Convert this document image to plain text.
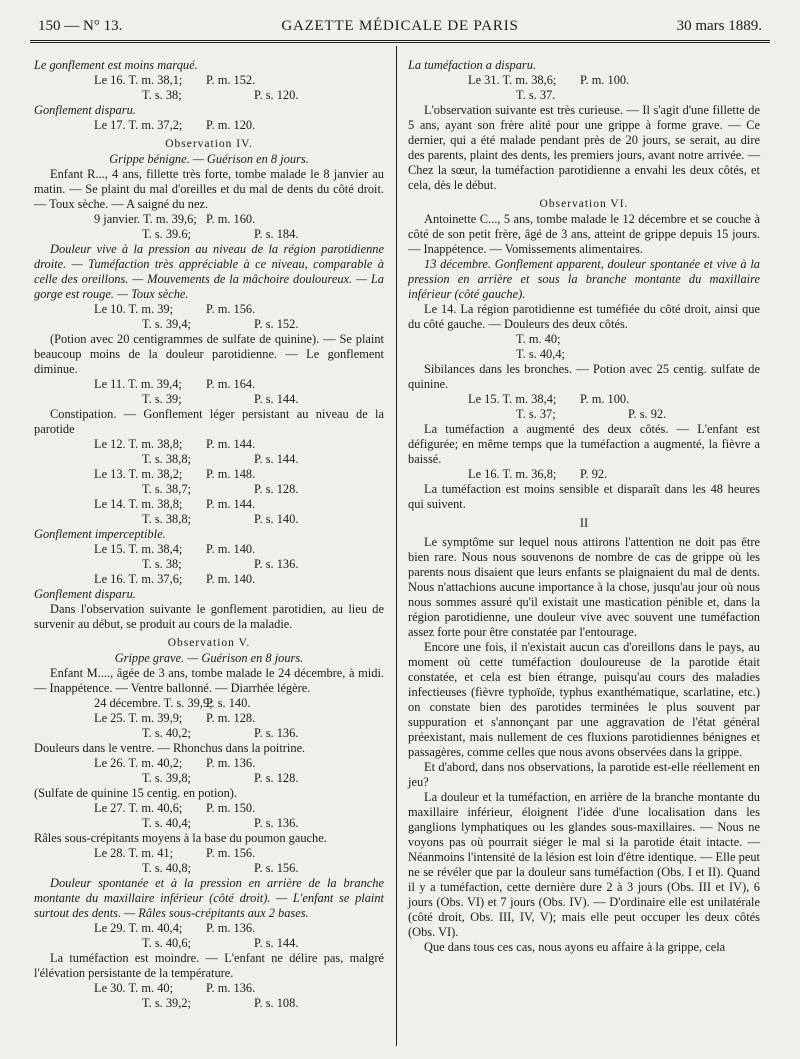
150 — N° 13.	GAZETTE MÉDICALE DE PARIS	30 mars 1889.

Le gonflement est moins marqué.

Le 16. T. m. 38,1; P. m. 152.
T. s. 38;	P. s. 120.

Gonflement disparu.

Le 17. T. m. 37,2; P. m. 120.

Observation IV.

Grippe bénigne. — Guérison en 8 jours.

Enfant R..., 4 ans, fillette très forte, tombe malade le 8 janvier au matin. — Se plaint du mal d'oreilles et du mal de dents du côté droit. — Toux sèche. — A saigné du nez.

9 janvier. T. m. 39,6; P. m. 160.
T. s. 39.6;	P. s. 184.

Douleur vive à la pression au niveau de la région parotidienne droite. — Tuméfaction très appréciable à ce niveau, comparable à celle des oreillons. — Mouvements de la mâchoire douloureux. — La gorge est rouge. — Toux sèche.

Le 10. T. m. 39;	P. m. 156.
T. s. 39,4;	P. s. 152.

(Potion avec 20 centigrammes de sulfate de quinine). — Se plaint beaucoup moins de la douleur parotidienne. — Le gonflement diminue.

Le 11. T. m. 39,4; P. m. 164.
T. s. 39;	P. s. 144.

Constipation. — Gonflement léger persistant au niveau de la parotide

Le 12. T. m. 38,8; P. m. 144.
T. s. 38,8;	P. s. 144.
Le 13. T. m. 38,2; P. m. 148.
T. s. 38,7;	P. s. 128.
Le 14. T. m. 38,8; P. m. 144.
T. s. 38,8;	P. s. 140.

Gonflement imperceptible.

Le 15. T. m. 38,4; P. m. 140.
T. s. 38;	P. s. 136.
Le 16. T. m. 37,6; P. m. 140.

Gonflement disparu.

Dans l'observation suivante le gonflement parotidien, au lieu de survenir au début, se produit au cours de la maladie.

Observation V.

Grippe grave. — Guérison en 8 jours.

Enfant M...., âgée de 3 ans, tombe malade le 24 décembre, à midi. — Inappétence. — Ventre ballonné. — Diarrhée légère.

24 décembre. T. s. 39,9;P. s. 140.
Le 25. T. m. 39,9; P. m. 128.
T. s. 40,2;	P. s. 136.

Douleurs dans le ventre. — Rhonchus dans la poitrine.

Le 26. T. m. 40,2; P. m. 136.
T. s. 39,8;	P. s. 128.

(Sulfate de quinine 15 centig. en potion).

Le 27. T. m. 40,6; P. m. 150.
T. s. 40,4;	P. s. 136.

Râles sous-crépitants moyens à la base du poumon gauche.

Le 28. T. m. 41;	P. m. 156.
T. s. 40,8;	P. s. 156.

Douleur spontanée et à la pression en arrière de la branche montante du maxillaire inférieur (côté droit). — L'enfant se plaint surtout des dents. — Râles sous-crépitants aux 2 bases.

Le 29. T. m. 40,4; P. m. 136.
T. s. 40,6;	P. s. 144.

La tuméfaction est moindre. — L'enfant ne délire pas, malgré l'élévation persistante de la température.

Le 30. T. m. 40;	P. m. 136.
T. s. 39,2;	P. s. 108.

La tuméfaction a disparu.

Le 31. T. m. 38,6; P. m. 100.
T. s. 37.

L'observation suivante est très curieuse. — Il s'agit d'une fillette de 5 ans, ayant son frère alité pour une grippe à forme grave. — Ce dernier, qui a été malade pendant près de 20 jours, se serait, au dire des parents, plaint des dents, les premiers jours, avant notre arrivée. — Chez la sœur, la tuméfaction parotidienne a envahi les deux côtés, et cela, dès le début.

Observation VI.

Antoinette C..., 5 ans, tombe malade le 12 décembre et se couche à côté de son petit frère, âgé de 3 ans, atteint de grippe depuis 15 jours. — Inappétence. — Vomissements alimentaires.

13 décembre. Gonflement apparent, douleur spontanée et vive à la pression en arrière et sous la branche montante du maxillaire inférieur (côté gauche).

Le 14. La région parotidienne est tuméfiée du côté droit, ainsi que du côté gauche. — Douleurs des deux côtés.

T. m. 40;
T. s. 40,4;

Sibilances dans les bronches. — Potion avec 25 centig. sulfate de quinine.

Le 15. T. m. 38,4; P. m. 100.
T. s. 37;	P. s. 92.

La tuméfaction a augmenté des deux côtés. — L'enfant est défigurée; en même temps que la tuméfaction a augmenté, la fièvre a baissé.

Le 16. T. m. 36,8; P. 92.

La tuméfaction est moins sensible et disparaît dans les 48 heures qui suivent.

II

Le symptôme sur lequel nous attirons l'attention ne doit pas être bien rare. Nous nous souvenons de nombre de cas de grippe où les parents nous disaient que leurs enfants se plaignaient du mal de dents. Nous n'attachions aucune importance à la chose, jusqu'au jour où nous nous sommes assuré qu'il existait une mastication pénible et, dans la région parotidienne, une douleur vive avec souvent une tuméfaction assez forte pour être constatée par l'entourage.

Encore une fois, il n'existait aucun cas d'oreillons dans le pays, au moment où cette tuméfaction douloureuse de la parotide était constatée, et cela est bien étrange, puisqu'au cours des maladies infectieuses (fièvre typhoïde, typhus exanthématique, scarlatine, etc.) on constate bien des parotides terminées le plus souvent par suppuration et s'annonçant par une aggravation de l'état général préexistant, mais nullement de ces fluxions parotidiennes bénignes et passagères, comme celles que nous avons observées dans la grippe.

Et d'abord, dans nos observations, la parotide est-elle réellement en jeu?

La douleur et la tuméfaction, en arrière de la branche montante du maxillaire inférieur, éloignent l'idée d'une localisation dans les ganglions lymphatiques ou les glandes sous-maxillaires. — Nous ne voyons pas où pourrait siéger le mal si la parotide était intacte. — Néanmoins l'intensité de la lésion est loin d'être identique. — Elle peut ne se révéler que par la douleur sans tuméfaction (Obs. I et II). Quand il y a tuméfaction, cette dernière dure 2 à 3 jours (Obs. III et IV), 6 jours (Obs. VI) et 7 jours (Obs. IV). — D'ordinaire elle est unilatérale (côté droit, Obs. III, IV, V); mais elle peut occuper les deux côtés (Obs. VI).

Que dans tous ces cas, nous ayons eu affaire à la grippe, cela
